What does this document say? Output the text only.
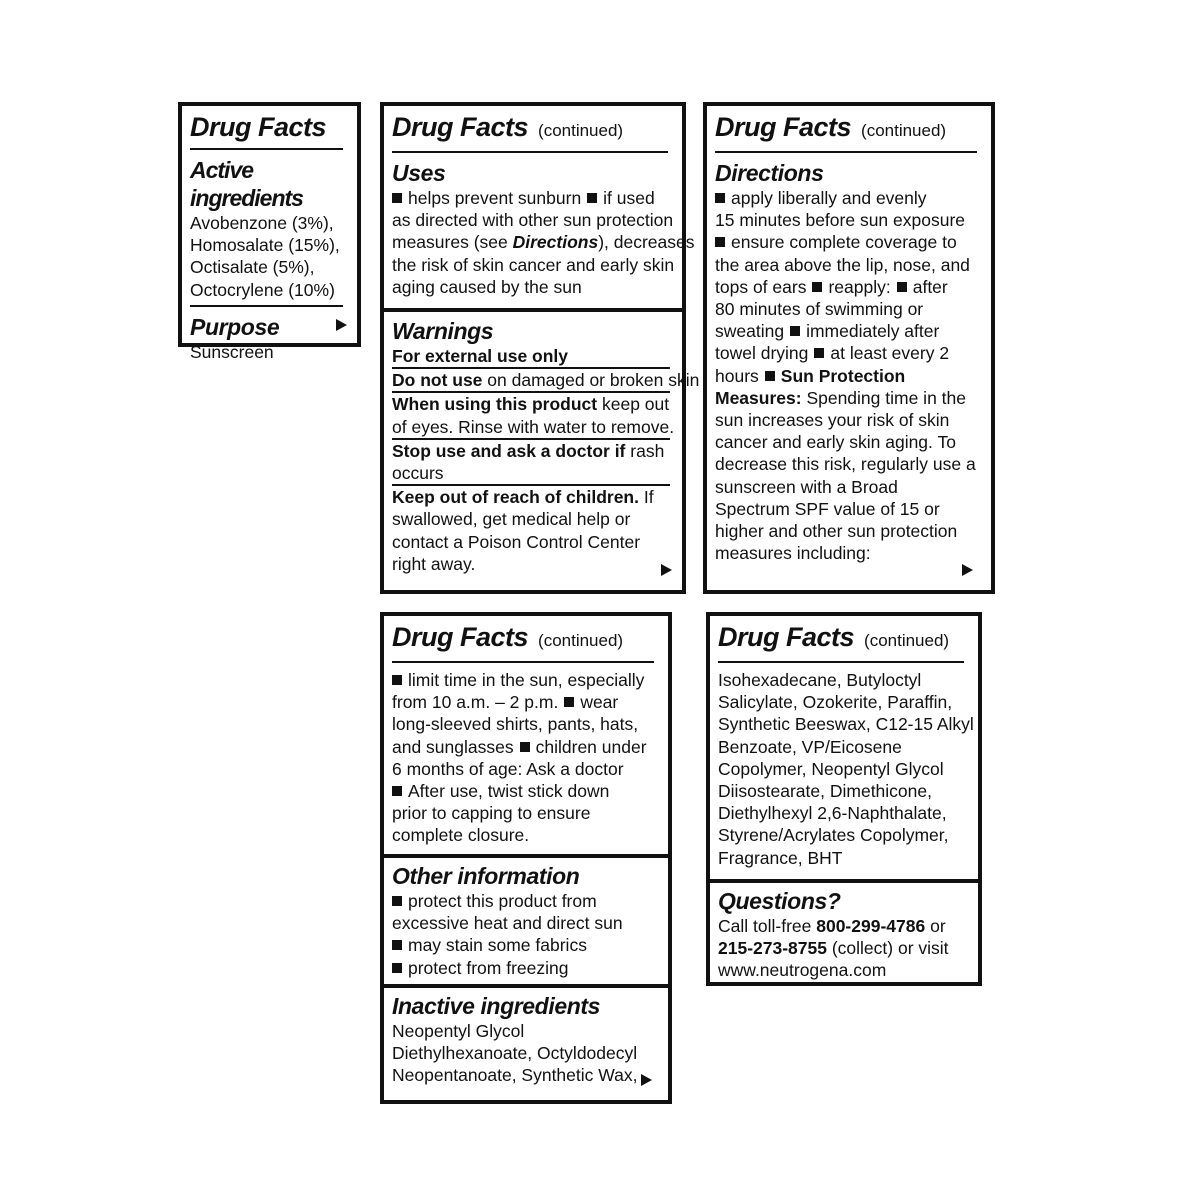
Drug Facts
Active ingredients
Avobenzone (3%),
Homosalate (15%),
Octisalate (5%),
Octocrylene (10%)
Purpose
Sunscreen
Drug Facts (continued)
Uses
helps prevent sunburn if used
as directed with other sun protection
measures (see Directions), decreases
the risk of skin cancer and early skin
aging caused by the sun
Warnings
For external use only
Do not use on damaged or broken skin
When using this product keep out
of eyes. Rinse with water to remove.
Stop use and ask a doctor if rash
occurs
Keep out of reach of children. If
swallowed, get medical help or
contact a Poison Control Center
right away.
Drug Facts (continued)
Directions
apply liberally and evenly
15 minutes before sun exposure
ensure complete coverage to
the area above the lip, nose, and
tops of ears reapply: after
80 minutes of swimming or
sweating immediately after
towel drying at least every 2
hours Sun Protection
Measures: Spending time in the
sun increases your risk of skin
cancer and early skin aging. To
decrease this risk, regularly use a
sunscreen with a Broad
Spectrum SPF value of 15 or
higher and other sun protection
measures including:
Drug Facts (continued)
limit time in the sun, especially
from 10 a.m. – 2 p.m. wear
long-sleeved shirts, pants, hats,
and sunglasses children under
6 months of age: Ask a doctor
After use, twist stick down
prior to capping to ensure
complete closure.
Other information
protect this product from
excessive heat and direct sun
may stain some fabrics
protect from freezing
Inactive ingredients
Neopentyl Glycol
Diethylhexanoate, Octyldodecyl
Neopentanoate, Synthetic Wax,
Drug Facts (continued)
Isohexadecane, Butyloctyl
Salicylate, Ozokerite, Paraffin,
Synthetic Beeswax, C12-15 Alkyl
Benzoate, VP/Eicosene
Copolymer, Neopentyl Glycol
Diisostearate, Dimethicone,
Diethylhexyl 2,6-Naphthalate,
Styrene/Acrylates Copolymer,
Fragrance, BHT
Questions?
Call toll-free 800-299-4786 or
215-273-8755 (collect) or visit
www.neutrogena.com
